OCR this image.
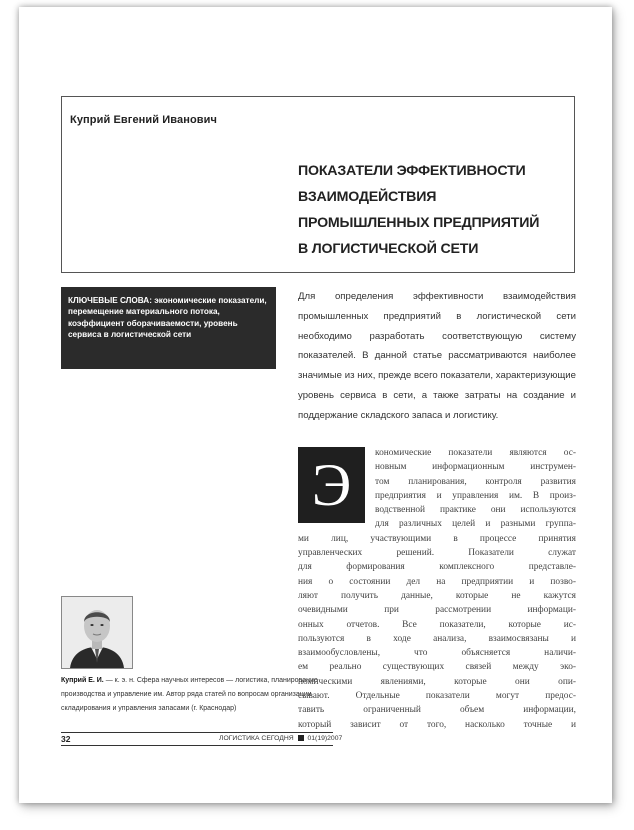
Куприй Евгений Иванович
ПОКАЗАТЕЛИ ЭФФЕКТИВНОСТИ
ВЗАИМОДЕЙСТВИЯ
ПРОМЫШЛЕННЫХ ПРЕДПРИЯТИЙ
В ЛОГИСТИЧЕСКОЙ СЕТИ
КЛЮЧЕВЫЕ СЛОВА: экономические показатели, перемещение материального потока, коэффициент оборачиваемости, уровень сервиса в логистической сети
Для определения эффективности взаимодействия промышленных предприятий в логистической сети необходимо разработать соответствующую систему показателей. В данной статье рассматриваются наиболее значимые из них, прежде всего показатели, характеризующие уровень сервиса в сети, а также затраты на создание и поддержание складского запаса и логистику.
Э	кономические показатели являются ос-
новным информационным инструмен-
том планирования, контроля развития
предприятия и управления им. В произ-
водственной практике они используются
для различных целей и разными группа-
ми лиц, участвующими в процессе принятия
управленческих решений. Показатели служат
для формирования комплексного представле-
ния о состоянии дел на предприятии и позво-
ляют получить данные, которые не кажутся
очевидными при рассмотрении информаци-
онных отчетов. Все показатели, которые ис-
пользуются в ходе анализа, взаимосвязаны и
взаимообусловлены, что объясняется наличи-
ем реально существующих связей между эко-
номическими явлениями, которые они опи-
сывают. Отдельные показатели могут предос-
тавить ограниченный объем информации,
который зависит от того, насколько точные и
Куприй Е. И. — к. э. н. Сфера научных интересов — логистика, планирование производства и управление им. Автор ряда статей по вопросам организации складирования и управления запасами (г. Краснодар)
32	ЛОГИСТИКА СЕГОДНЯ 01(19)2007
